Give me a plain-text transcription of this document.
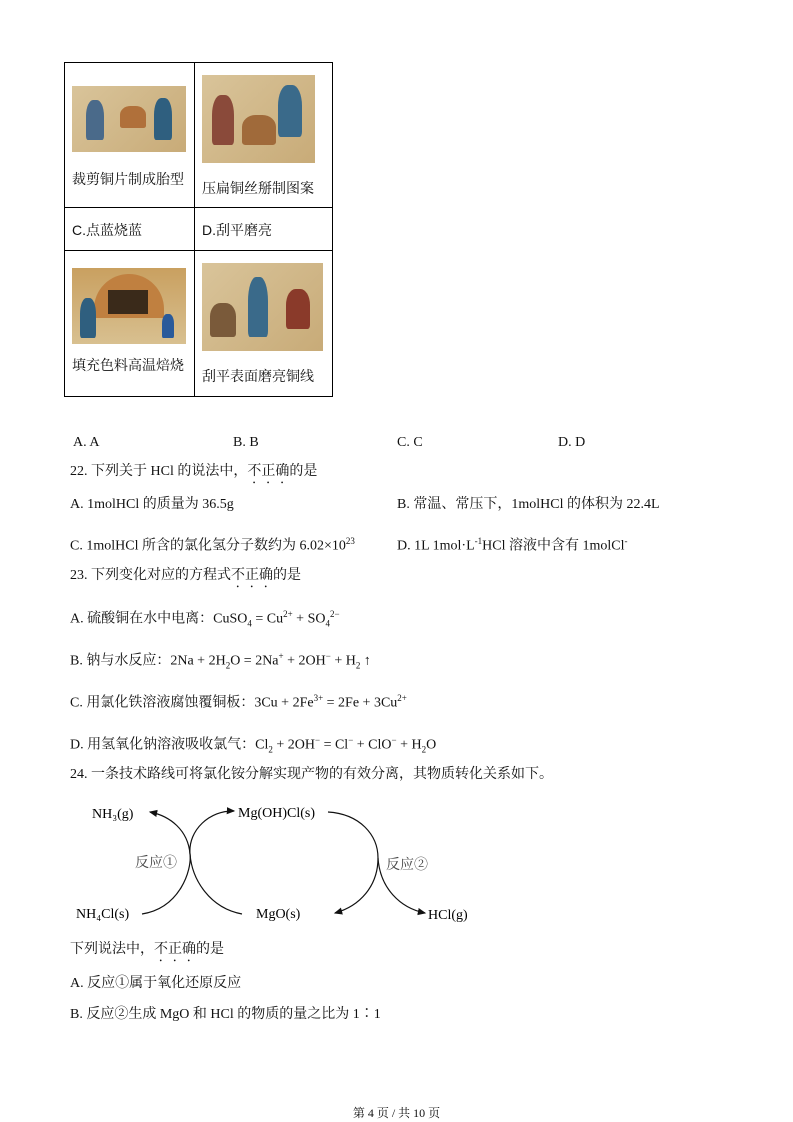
裁剪铜片制成胎型	压扁铜丝掰制图案

C.点蓝烧蓝	D.刮平磨亮

填充色料高温焙烧	刮平表面磨亮铜线
A. A	B. B	C. C	D. D
22. 下列关于 HCl 的说法中，不正确的是
A. 1molHCl 的质量为 36.5g	B. 常温、常压下，1molHCl 的体积为 22.4L
C. 1molHCl 所含的氯化氢分子数约为 $6.02\times 10^{23}$	D. 1L $1mol\cdot L^{-1}HCl$ 溶液中含有 1molCl-
23. 下列变化对应的方程式不正确的是
A. 硫酸铜在水中电离：CuSO$_4$ = $Cu^{2+} + SO_4^{2-}$
B. 钠与水反应：$2Na + 2H_2O = 2Na^+ + 2OH^- + H_2$ ↑
C. 用氯化铁溶液腐蚀覆铜板：$3Cu + 2Fe^{3+} = 2Fe + 3Cu^{2+}$
D. 用氢氧化钠溶液吸收氯气：$Cl_2 + 2OH^- = Cl^- + ClO^- + H_2O$
24. 一条技术路线可将氯化铵分解实现产物的有效分离，其物质转化关系如下。
NH₃(g)	Mg(OH)Cl(s)
反应①	反应②
NH₄Cl(s)	MgO(s)	HCl(g)
下列说法中，不正确的是
A. 反应①属于氧化还原反应
B. 反应②生成 MgO 和 HCl 的物质的量之比为 1∶1
第 4 页 / 共 10 页
